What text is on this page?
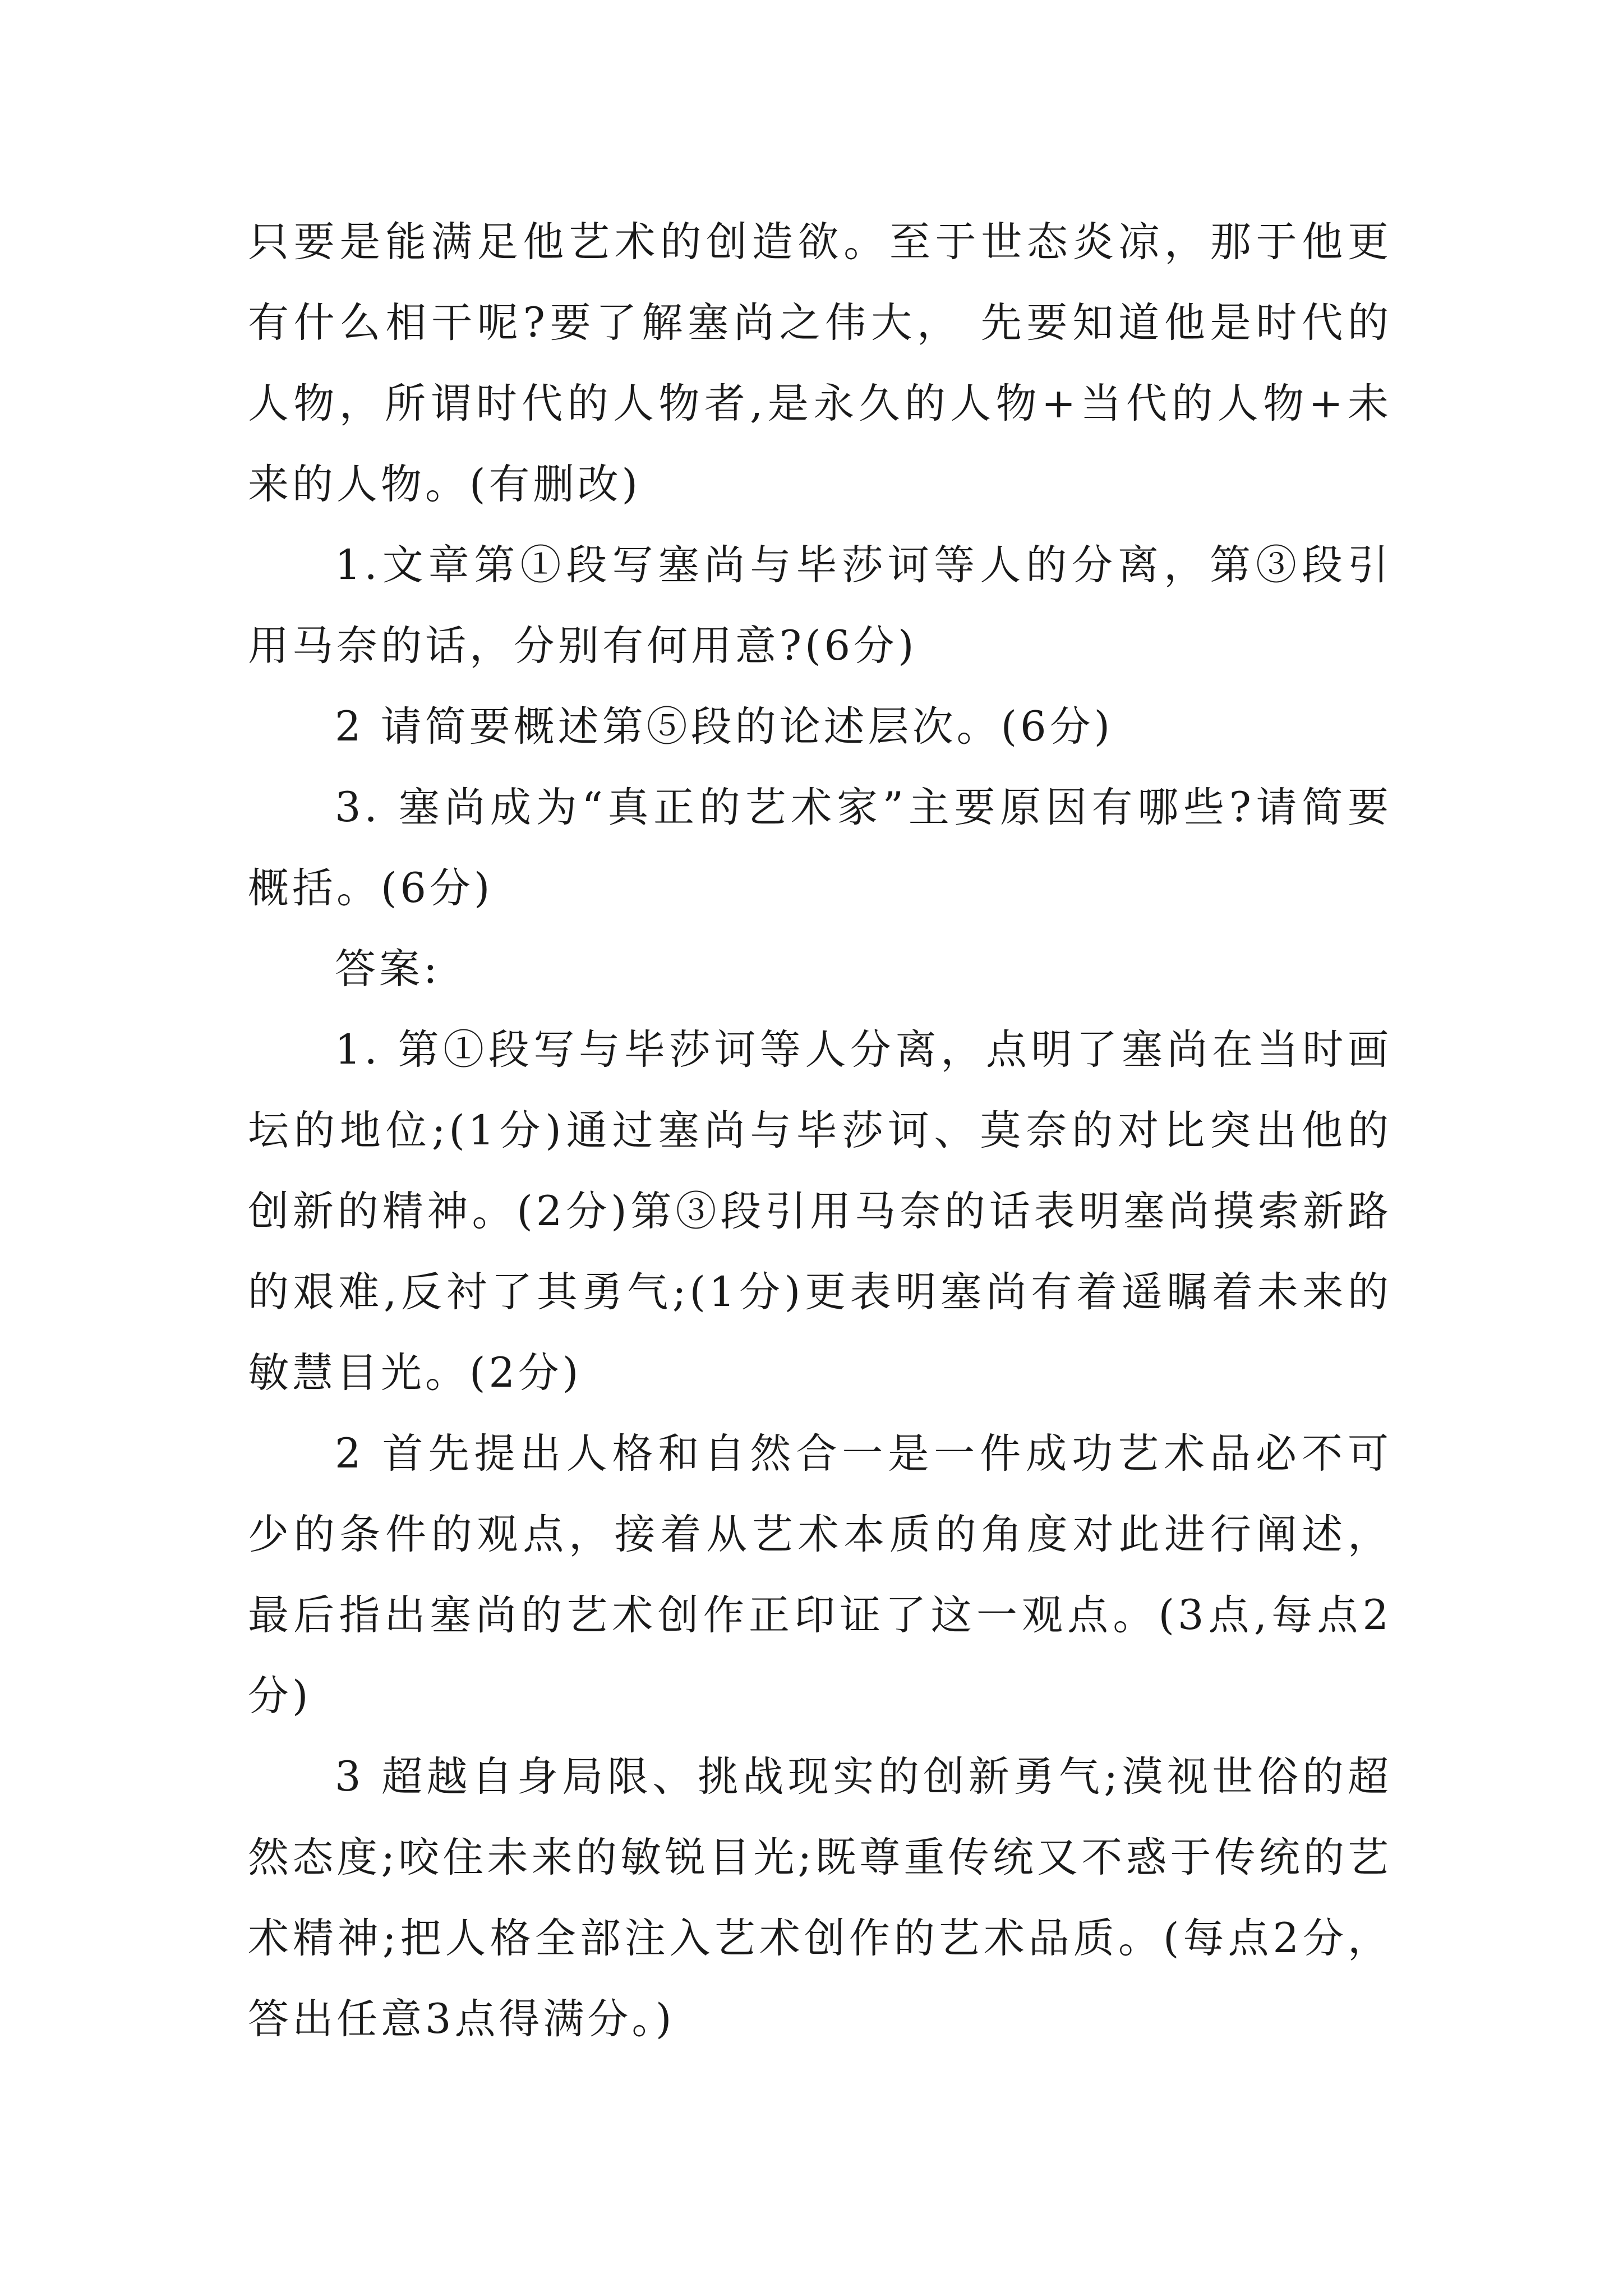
只要是能满足他艺术的创造欲。至于世态炎凉，那于他更有什么相干呢?要了解塞尚之伟大， 先要知道他是时代的人物，所谓时代的人物者,是永久的人物+当代的人物+未来的人物。(有删改)

1.文章第①段写塞尚与毕莎诃等人的分离，第③段引用马奈的话，分别有何用意?(6分)

2 请简要概述第⑤段的论述层次。(6分)

3. 塞尚成为“真正的艺术家”主要原因有哪些?请简要概括。(6分)

答案:

1. 第①段写与毕莎诃等人分离，点明了塞尚在当时画坛的地位;(1分)通过塞尚与毕莎诃、莫奈的对比突出他的创新的精神。(2分)第③段引用马奈的话表明塞尚摸索新路的艰难,反衬了其勇气;(1分)更表明塞尚有着遥瞩着未来的敏慧目光。(2分)

2 首先提出人格和自然合一是一件成功艺术品必不可少的条件的观点，接着从艺术本质的角度对此进行阐述，最后指出塞尚的艺术创作正印证了这一观点。(3点,每点2分)

3 超越自身局限、挑战现实的创新勇气;漠视世俗的超然态度;咬住未来的敏锐目光;既尊重传统又不惑于传统的艺术精神;把人格全部注入艺术创作的艺术品质。(每点2分，答出任意3点得满分。)
